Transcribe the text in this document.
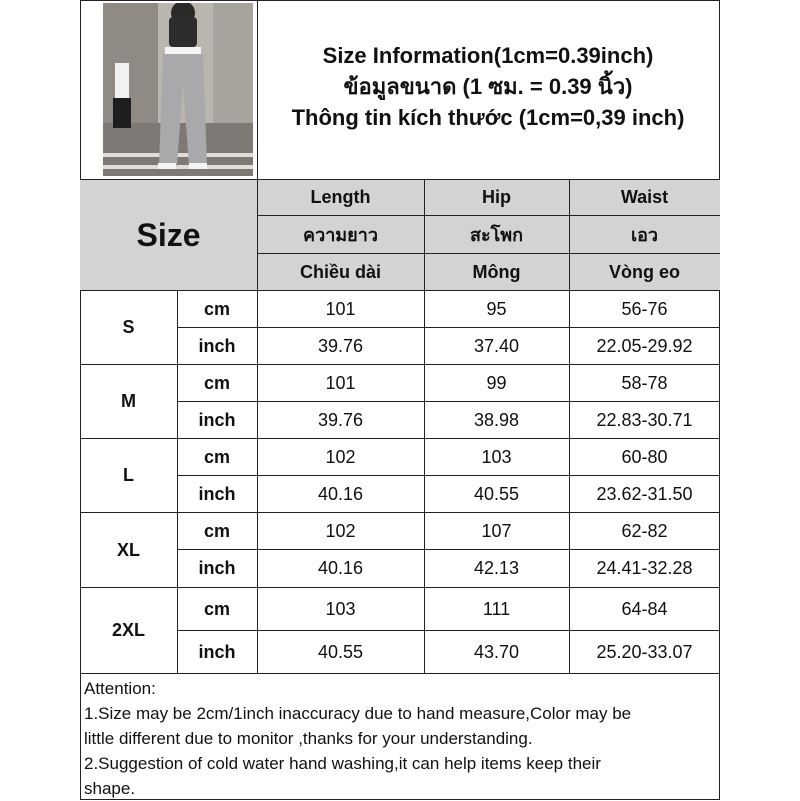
Size Information(1cm=0.39inch)
ข้อมูลขนาด (1 ซม. = 0.39 นิ้ว)
Thông tin kích thước (1cm=0,39 inch)
Size
Length	Hip	Waist
ความยาว	สะโพก	เอว
Chiều dài	Mông	Vòng eo
S
cm	101	95	56-76
inch	39.76	37.40	22.05-29.92
M
cm	101	99	58-78
inch	39.76	38.98	22.83-30.71
L
cm	102	103	60-80
inch	40.16	40.55	23.62-31.50
XL
cm	102	107	62-82
inch	40.16	42.13	24.41-32.28
2XL
cm	103	111	64-84
inch	40.55	43.70	25.20-33.07
Attention:
1.Size may be 2cm/1inch inaccuracy due to hand measure,Color may be
little different due to monitor ,thanks for your understanding.
2.Suggestion of cold water hand washing,it can help items keep their
shape.
